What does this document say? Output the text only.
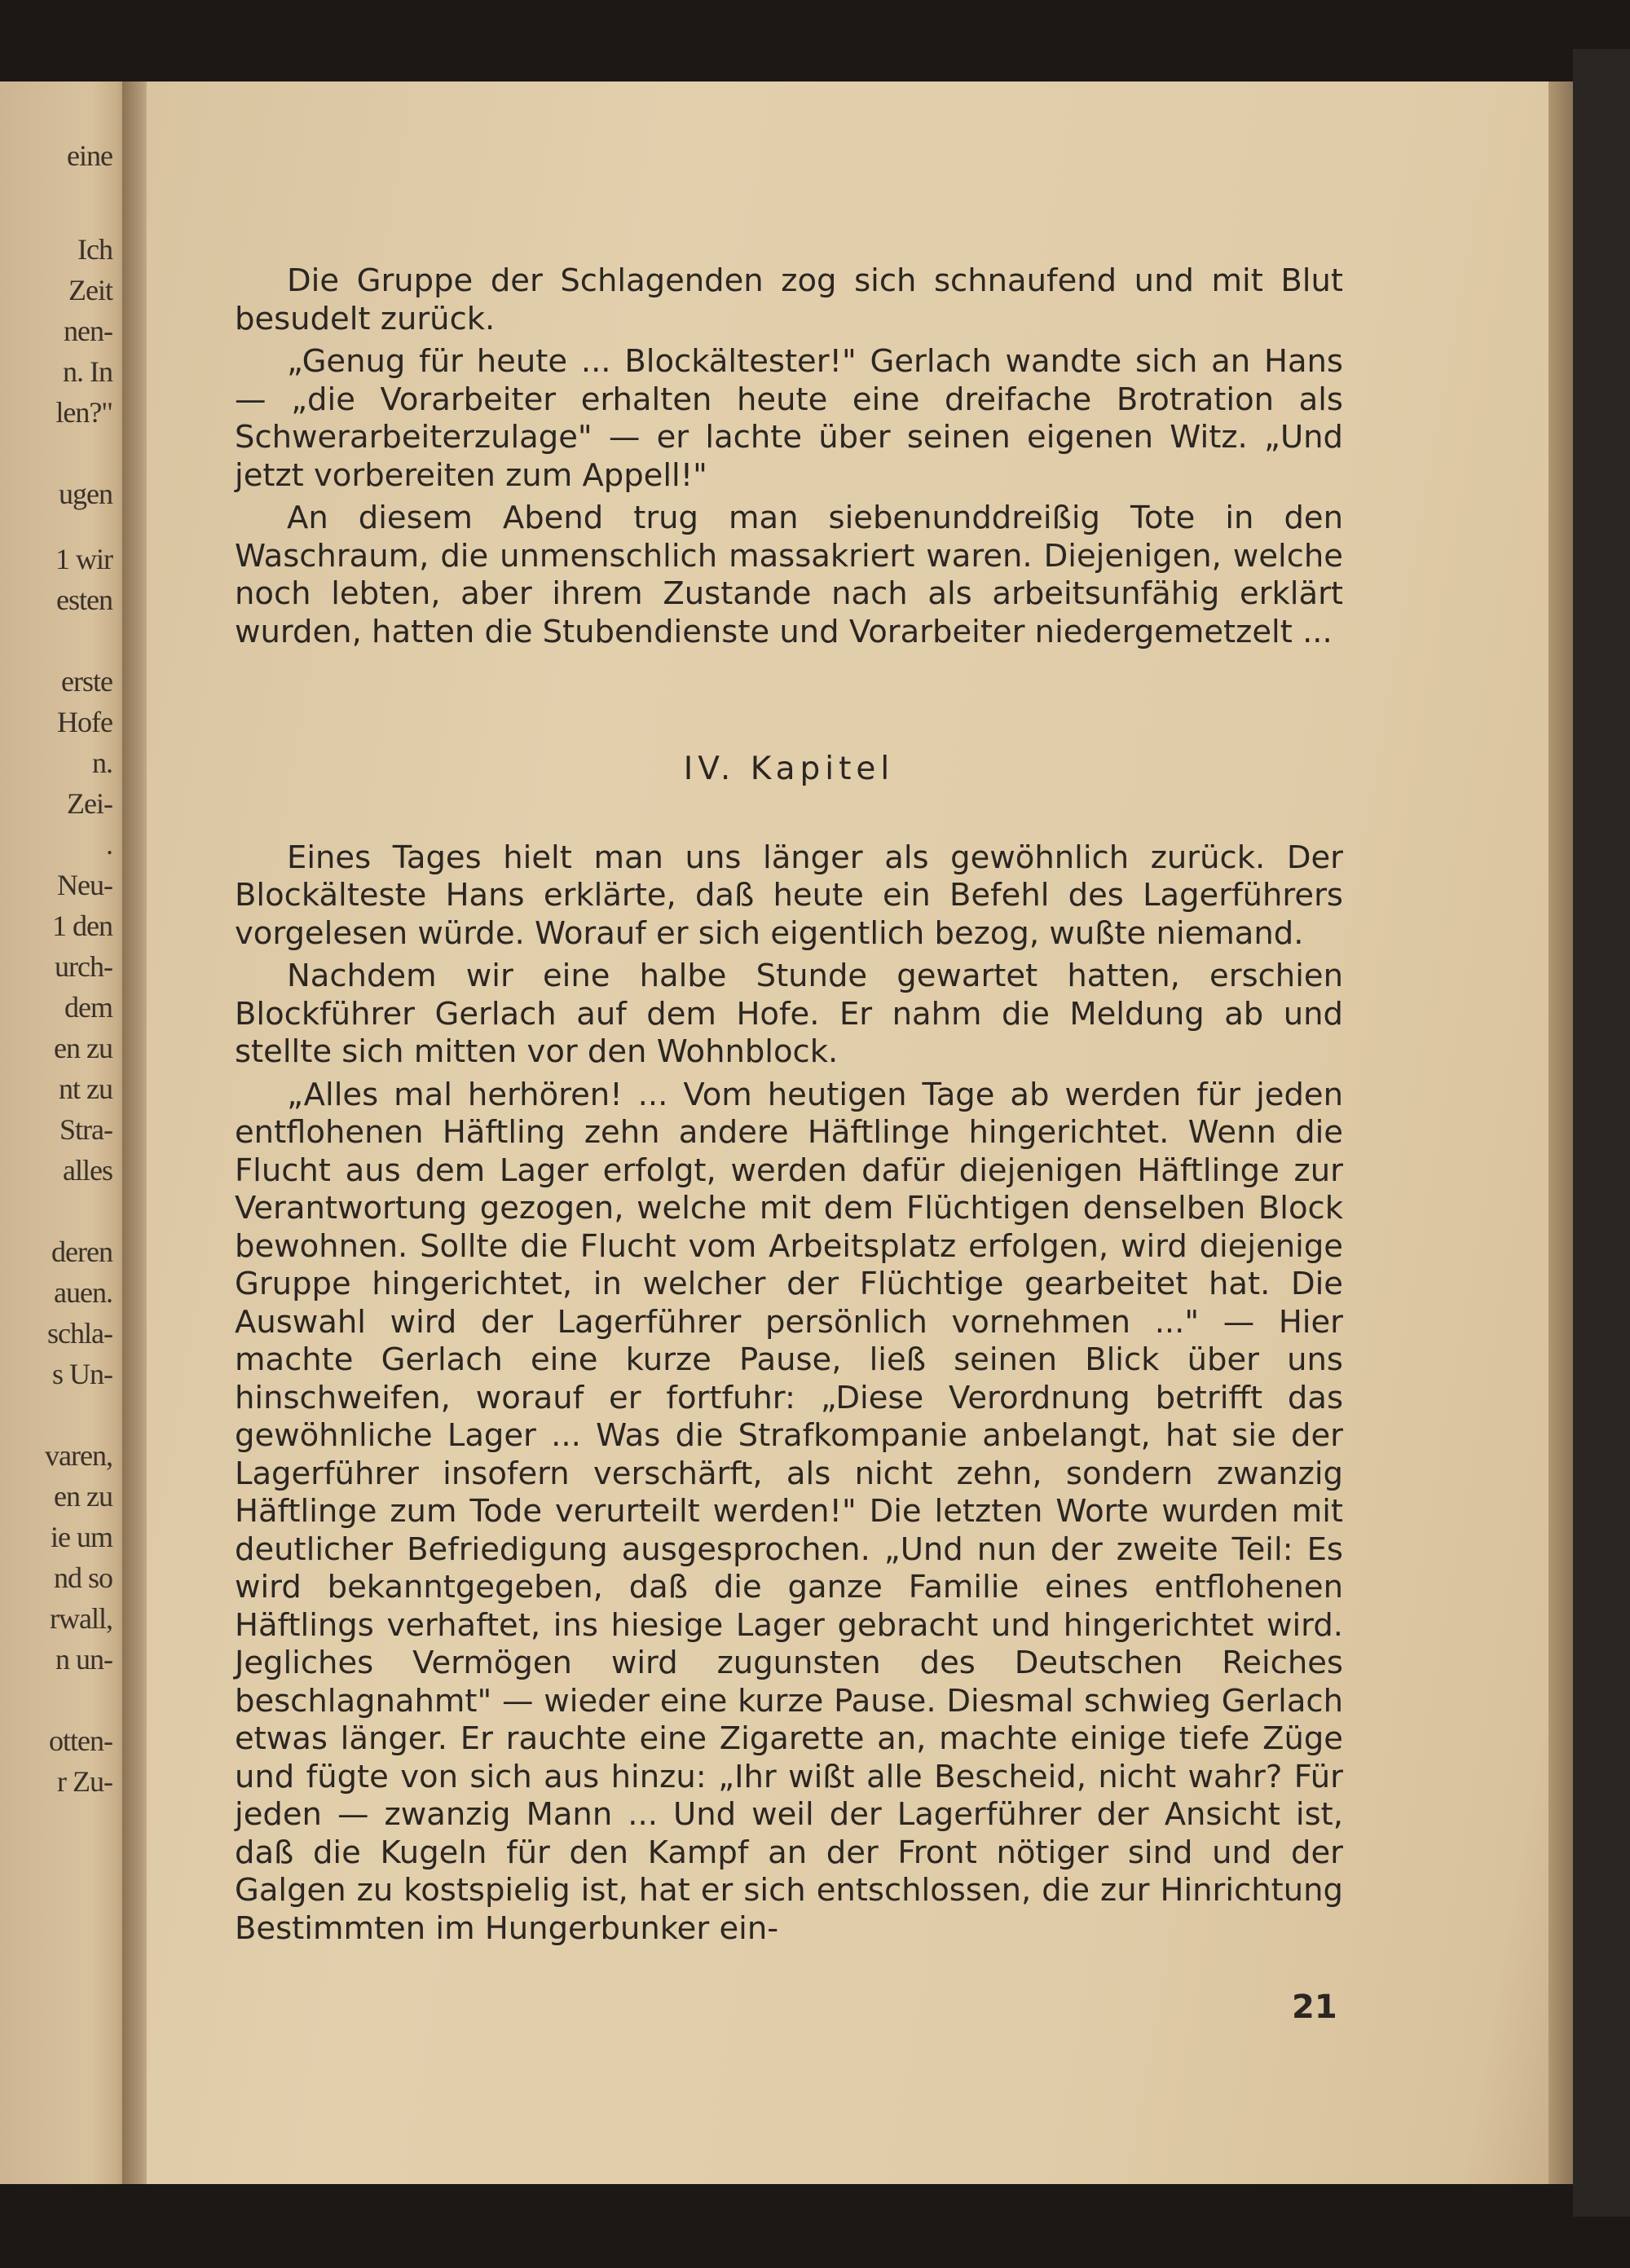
eine
Ich
Zeit
nen-
n. In
len?"
ugen
1 wir
esten
erste
Hofe
n.
Zei-
.
Neu-
1 den
urch-
dem
en zu
nt zu
Stra-
alles
deren
auen.
schla-
s Un-
varen,
en zu
ie um
nd so
rwall,
n un-
otten-
r Zu-

Die Gruppe der Schlagenden zog sich schnaufend und mit Blut besudelt zurück.

„Genug für heute ... Blockältester!" Gerlach wandte sich an Hans — „die Vorarbeiter erhalten heute eine dreifache Brotration als Schwerarbeiterzulage" — er lachte über seinen eigenen Witz. „Und jetzt vorbereiten zum Appell!"

An diesem Abend trug man siebenunddreißig Tote in den Waschraum, die unmenschlich massakriert waren. Diejenigen, welche noch lebten, aber ihrem Zustande nach als arbeitsunfähig erklärt wurden, hatten die Stubendienste und Vorarbeiter niedergemetzelt ...

IV. Kapitel

Eines Tages hielt man uns länger als gewöhnlich zurück. Der Blockälteste Hans erklärte, daß heute ein Befehl des Lagerführers vorgelesen würde. Worauf er sich eigentlich bezog, wußte niemand.

Nachdem wir eine halbe Stunde gewartet hatten, erschien Blockführer Gerlach auf dem Hofe. Er nahm die Meldung ab und stellte sich mitten vor den Wohnblock.

„Alles mal herhören! ... Vom heutigen Tage ab werden für jeden entflohenen Häftling zehn andere Häftlinge hingerichtet. Wenn die Flucht aus dem Lager erfolgt, werden dafür diejenigen Häftlinge zur Verantwortung gezogen, welche mit dem Flüchtigen denselben Block bewohnen. Sollte die Flucht vom Arbeitsplatz erfolgen, wird diejenige Gruppe hingerichtet, in welcher der Flüchtige gearbeitet hat. Die Auswahl wird der Lagerführer persönlich vornehmen ..." — Hier machte Gerlach eine kurze Pause, ließ seinen Blick über uns hinschweifen, worauf er fortfuhr: „Diese Verordnung betrifft das gewöhnliche Lager ... Was die Strafkompanie anbelangt, hat sie der Lagerführer insofern verschärft, als nicht zehn, sondern zwanzig Häftlinge zum Tode verurteilt werden!" Die letzten Worte wurden mit deutlicher Befriedigung ausgesprochen. „Und nun der zweite Teil: Es wird bekanntgegeben, daß die ganze Familie eines entflohenen Häftlings verhaftet, ins hiesige Lager gebracht und hingerichtet wird. Jegliches Vermögen wird zugunsten des Deutschen Reiches beschlagnahmt" — wieder eine kurze Pause. Diesmal schwieg Gerlach etwas länger. Er rauchte eine Zigarette an, machte einige tiefe Züge und fügte von sich aus hinzu: „Ihr wißt alle Bescheid, nicht wahr? Für jeden — zwanzig Mann ... Und weil der Lagerführer der Ansicht ist, daß die Kugeln für den Kampf an der Front nötiger sind und der Galgen zu kostspielig ist, hat er sich entschlossen, die zur Hinrichtung Bestimmten im Hungerbunker ein-

21
